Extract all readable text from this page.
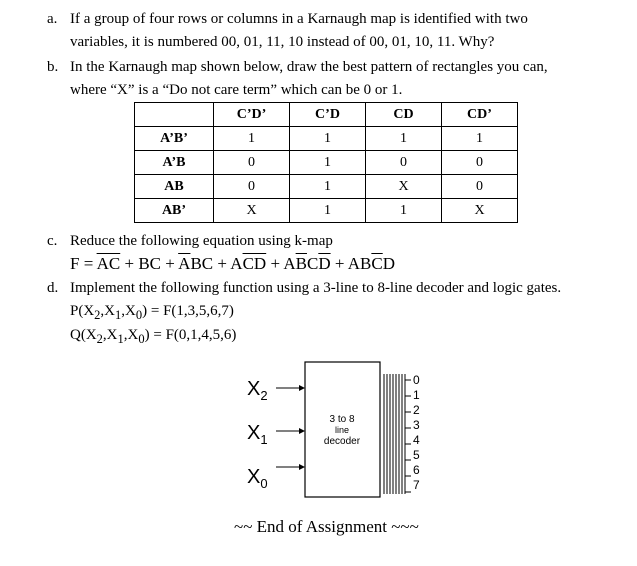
a. If a group of four rows or columns in a Karnaugh map is identified with two
variables, it is numbered 00, 01, 11, 10 instead of 00, 01, 10, 11. Why?
b. In the Karnaugh map shown below, draw the best pattern of rectangles you can,
where “X” is a “Do not care term” which can be 0 or 1.
	C’D’	C’D	CD	CD’
A’B’	1	1	1	1
A’B	0	1	0	0
AB	0	1	X	0
AB’	X	1	1	X
c. Reduce the following equation using k-map
$F = \overline{AC}$ + BC + $\overline{A}BC + A\overline{CD} + A\overline{B}C\overline{D} + AB\overline{C}D$
d. Implement the following function using a 3-line to 8-line decoder and logic gates.
$P(X_2,X_1,X_0) = F(1,3,5,6,7)$
$Q(X_2,X_1,X_0) = F(0,1,4,5,6)$
3 to 8
line
decoder
$X_2$
$X_1$
$X_0$
0
1
2
3
4
5
6
7
~~ End of Assignment ~~~
